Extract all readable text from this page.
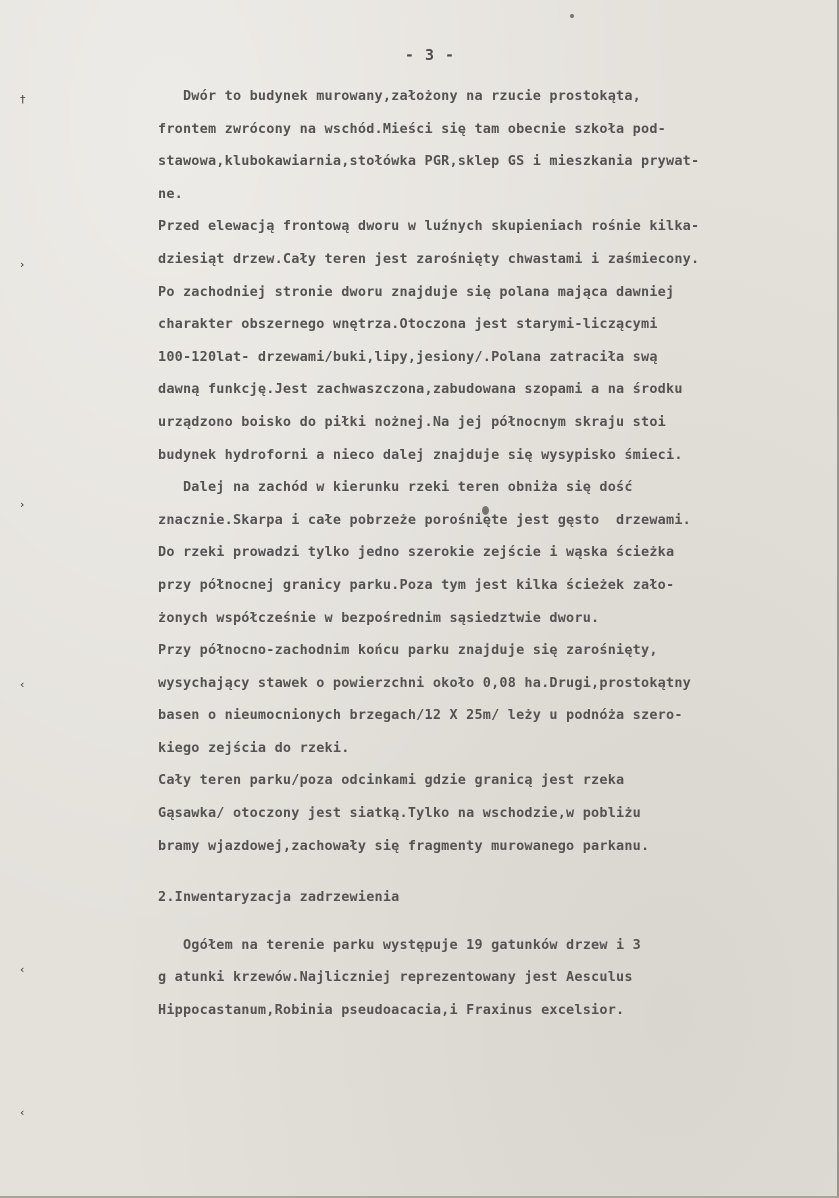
- 3 -
†
›
›
‹
‹
‹
Dwór to budynek murowany,założony na rzucie prostokąta,
frontem zwrócony na wschód.Mieści się tam obecnie szkoła pod-
stawowa,klubokawiarnia,stołówka PGR,sklep GS i mieszkania prywat-
ne.
Przed elewacją frontową dworu w luźnych skupieniach rośnie kilka-
dziesiąt drzew.Cały teren jest zarośnięty chwastami i zaśmiecony.
Po zachodniej stronie dworu znajduje się polana mająca dawniej
charakter obszernego wnętrza.Otoczona jest starymi-liczącymi
100-120lat- drzewami/buki,lipy,jesiony/.Polana zatraciła swą
dawną funkcję.Jest zachwaszczona,zabudowana szopami a na środku
urządzono boisko do piłki nożnej.Na jej północnym skraju stoi
budynek hydroforni a nieco dalej znajduje się wysypisko śmieci.
Dalej na zachód w kierunku rzeki teren obniża się dość
znacznie.Skarpa i całe pobrzeże porośnięte jest gęsto  drzewami.
Do rzeki prowadzi tylko jedno szerokie zejście i wąska ścieżka
przy północnej granicy parku.Poza tym jest kilka ścieżek zało-
żonych współcześnie w bezpośrednim sąsiedztwie dworu.
Przy północno-zachodnim końcu parku znajduje się zarośnięty,
wysychający stawek o powierzchni około 0,08 ha.Drugi,prostokątny
basen o nieumocnionych brzegach/12 X 25m/ leży u podnóża szero-
kiego zejścia do rzeki.
Cały teren parku/poza odcinkami gdzie granicą jest rzeka
Gąsawka/ otoczony jest siatką.Tylko na wschodzie,w pobliżu
bramy wjazdowej,zachowały się fragmenty murowanego parkanu.
2.Inwentaryzacja zadrzewienia
Ogółem na terenie parku występuje 19 gatunków drzew i 3
g atunki krzewów.Najliczniej reprezentowany jest Aesculus
Hippocastanum,Robinia pseudoacacia,i Fraxinus excelsior.
